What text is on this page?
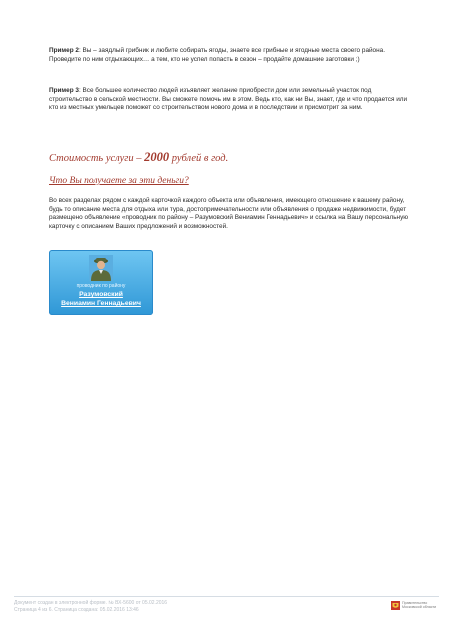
Пример 2: Вы – заядлый грибник и любите собирать ягоды, знаете все грибные и ягодные места своего района. Проведите по ним отдыхающих… а тем, кто не успел попасть в сезон – продайте домашние заготовки ;)

Пример 3: Все большее количество людей изъявляет желание приобрести дом или земельный участок под строительство в сельской местности. Вы сможете помочь им в этом. Ведь кто, как ни Вы, знает, где и что продается или кто из местных умельцев поможет со строительством нового дома и в последствии и присмотрит за ним.

Стоимость услуги – 2000 рублей в год.
Что Вы получаете за эти деньги?

Во всех разделах рядом с каждой карточкой каждого объекта или объявления, имеющего отношение к вашему району, будь то описание места для отдыха или тура, достопримечательности или объявления о продаже недвижимости, будет размещено объявление «проводник по району – Разумовский Вениамин Геннадьевич» и ссылка на Вашу персональную карточку с описанием Ваших предложений и возможностей.

проводник по району
Разумовский
Вениамин Геннадьевич
Документ создан в электронной форме. № ВХ-5600 от 05.02.2016
Страница 4 из 6. Страница создана: 05.02.2016 13:46
Правительство
Московской области
